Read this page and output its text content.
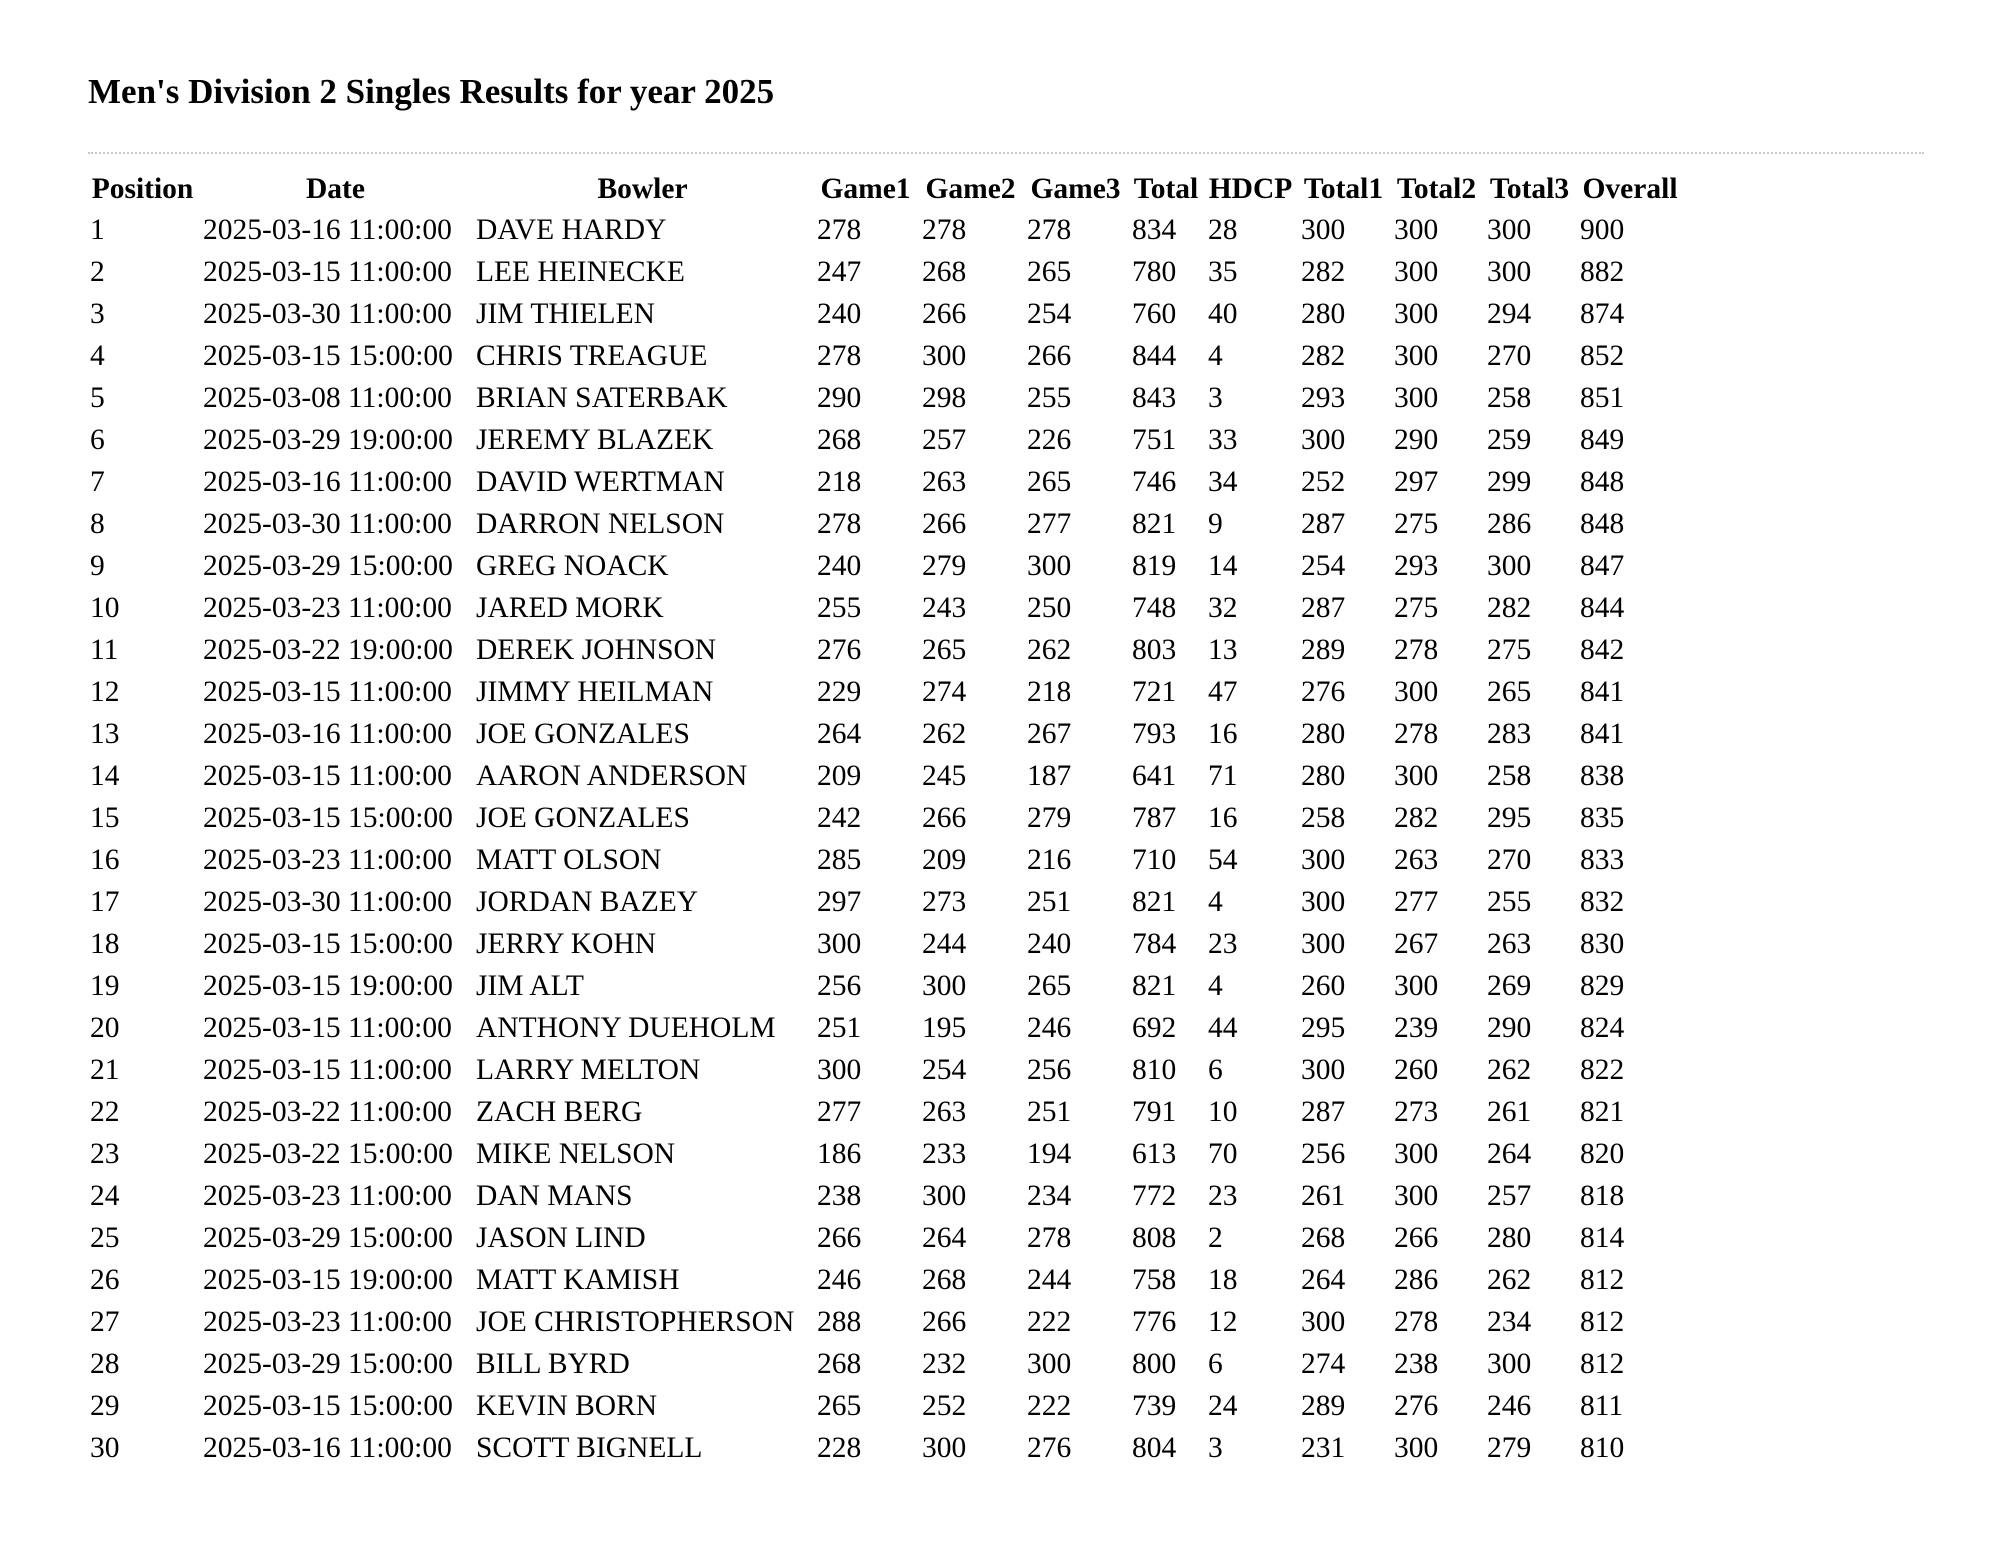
Men's Division 2 Singles Results for year 2025
Position	Date	Bowler	Game1	Game2	Game3	Total	HDCP	Total1	Total2	Total3	Overall
1	2025-03-16 11:00:00	DAVE HARDY	278	278	278	834	28	300	300	300	900
2	2025-03-15 11:00:00	LEE HEINECKE	247	268	265	780	35	282	300	300	882
3	2025-03-30 11:00:00	JIM THIELEN	240	266	254	760	40	280	300	294	874
4	2025-03-15 15:00:00	CHRIS TREAGUE	278	300	266	844	4	282	300	270	852
5	2025-03-08 11:00:00	BRIAN SATERBAK	290	298	255	843	3	293	300	258	851
6	2025-03-29 19:00:00	JEREMY BLAZEK	268	257	226	751	33	300	290	259	849
7	2025-03-16 11:00:00	DAVID WERTMAN	218	263	265	746	34	252	297	299	848
8	2025-03-30 11:00:00	DARRON NELSON	278	266	277	821	9	287	275	286	848
9	2025-03-29 15:00:00	GREG NOACK	240	279	300	819	14	254	293	300	847
10	2025-03-23 11:00:00	JARED MORK	255	243	250	748	32	287	275	282	844
11	2025-03-22 19:00:00	DEREK JOHNSON	276	265	262	803	13	289	278	275	842
12	2025-03-15 11:00:00	JIMMY HEILMAN	229	274	218	721	47	276	300	265	841
13	2025-03-16 11:00:00	JOE GONZALES	264	262	267	793	16	280	278	283	841
14	2025-03-15 11:00:00	AARON ANDERSON	209	245	187	641	71	280	300	258	838
15	2025-03-15 15:00:00	JOE GONZALES	242	266	279	787	16	258	282	295	835
16	2025-03-23 11:00:00	MATT OLSON	285	209	216	710	54	300	263	270	833
17	2025-03-30 11:00:00	JORDAN BAZEY	297	273	251	821	4	300	277	255	832
18	2025-03-15 15:00:00	JERRY KOHN	300	244	240	784	23	300	267	263	830
19	2025-03-15 19:00:00	JIM ALT	256	300	265	821	4	260	300	269	829
20	2025-03-15 11:00:00	ANTHONY DUEHOLM	251	195	246	692	44	295	239	290	824
21	2025-03-15 11:00:00	LARRY MELTON	300	254	256	810	6	300	260	262	822
22	2025-03-22 11:00:00	ZACH BERG	277	263	251	791	10	287	273	261	821
23	2025-03-22 15:00:00	MIKE NELSON	186	233	194	613	70	256	300	264	820
24	2025-03-23 11:00:00	DAN MANS	238	300	234	772	23	261	300	257	818
25	2025-03-29 15:00:00	JASON LIND	266	264	278	808	2	268	266	280	814
26	2025-03-15 19:00:00	MATT KAMISH	246	268	244	758	18	264	286	262	812
27	2025-03-23 11:00:00	JOE CHRISTOPHERSON	288	266	222	776	12	300	278	234	812
28	2025-03-29 15:00:00	BILL BYRD	268	232	300	800	6	274	238	300	812
29	2025-03-15 15:00:00	KEVIN BORN	265	252	222	739	24	289	276	246	811
30	2025-03-16 11:00:00	SCOTT BIGNELL	228	300	276	804	3	231	300	279	810
